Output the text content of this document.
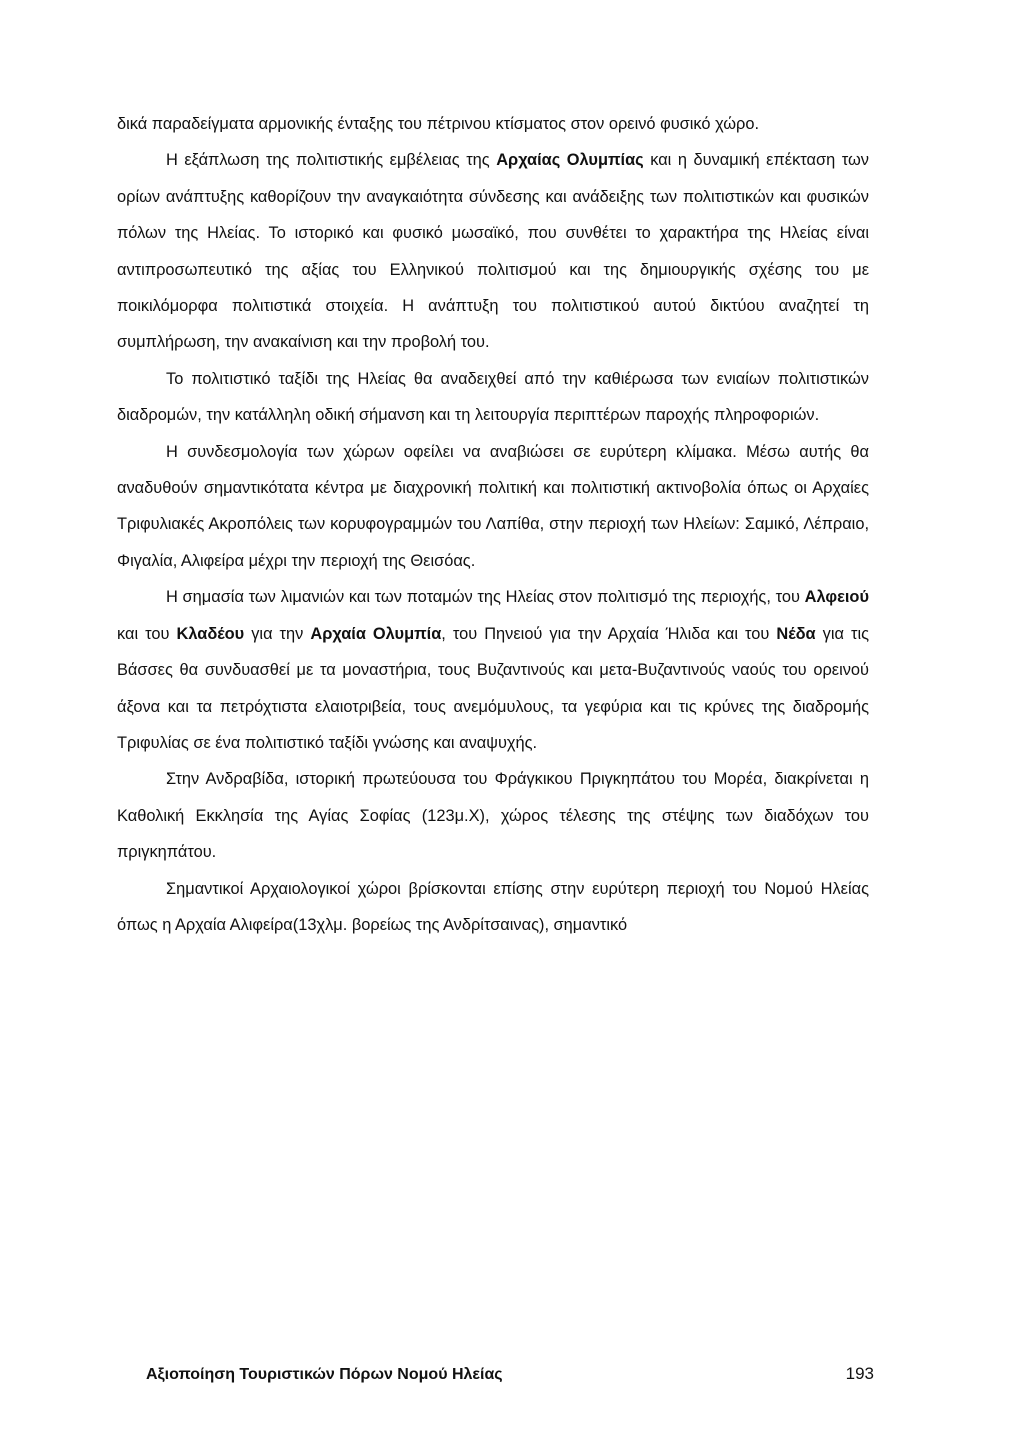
δικά παραδείγματα αρμονικής ένταξης του πέτρινου κτίσματος στον ορεινό φυσικό χώρο.

Η εξάπλωση της πολιτιστικής εμβέλειας της Αρχαίας Ολυμπίας και η δυναμική επέκταση των ορίων ανάπτυξης καθορίζουν την αναγκαιότητα σύνδεσης και ανάδειξης των πολιτιστικών και φυσικών πόλων της Ηλείας. Το ιστορικό και φυσικό μωσαϊκό, που συνθέτει το χαρακτήρα της Ηλείας είναι αντιπροσωπευτικό της αξίας του Ελληνικού πολιτισμού και της δημιουργικής σχέσης του με ποικιλόμορφα πολιτιστικά στοιχεία. Η ανάπτυξη του πολιτιστικού αυτού δικτύου αναζητεί τη συμπλήρωση, την ανακαίνιση και την προβολή του.

Το πολιτιστικό ταξίδι της Ηλείας θα αναδειχθεί από την καθιέρωσα των ενιαίων πολιτιστικών διαδρομών, την κατάλληλη οδική σήμανση και τη λειτουργία περιπτέρων παροχής πληροφοριών.

Η συνδεσμολογία των χώρων οφείλει να αναβιώσει σε ευρύτερη κλίμακα. Μέσω αυτής θα αναδυθούν σημαντικότατα κέντρα με διαχρονική πολιτική και πολιτιστική ακτινοβολία όπως οι Αρχαίες Τριφυλιακές Ακροπόλεις των κορυφογραμμών του Λαπίθα, στην περιοχή των Ηλείων: Σαμικό, Λέπραιο, Φιγαλία, Αλιφείρα μέχρι την περιοχή της Θεισόας.

Η σημασία των λιμανιών και των ποταμών της Ηλείας στον πολιτισμό της περιοχής, του Αλφειού και του Κλαδέου για την Αρχαία Ολυμπία, του Πηνειού για την Αρχαία Ήλιδα και του Νέδα για τις Βάσσες θα συνδυασθεί με τα μοναστήρια, τους Βυζαντινούς και μετα-Βυζαντινούς ναούς του ορεινού άξονα και τα πετρόχτιστα ελαιοτριβεία, τους ανεμόμυλους, τα γεφύρια και τις κρύνες της διαδρομής Τριφυλίας σε ένα πολιτιστικό ταξίδι γνώσης και αναψυχής.

Στην Ανδραβίδα, ιστορική πρωτεύουσα του Φράγκικου Πριγκηπάτου του Μορέα, διακρίνεται η Καθολική Εκκλησία της Αγίας Σοφίας (123μ.Χ), χώρος τέλεσης της στέψης των διαδόχων του πριγκηπάτου.

Σημαντικοί Αρχαιολογικοί χώροι βρίσκονται επίσης στην ευρύτερη περιοχή του Νομού Ηλείας όπως η Αρχαία Αλιφείρα(13χλμ. βορείως της Ανδρίτσαινας), σημαντικό

Αξιοποίηση Τουριστικών Πόρων Νομού Ηλείας	193
